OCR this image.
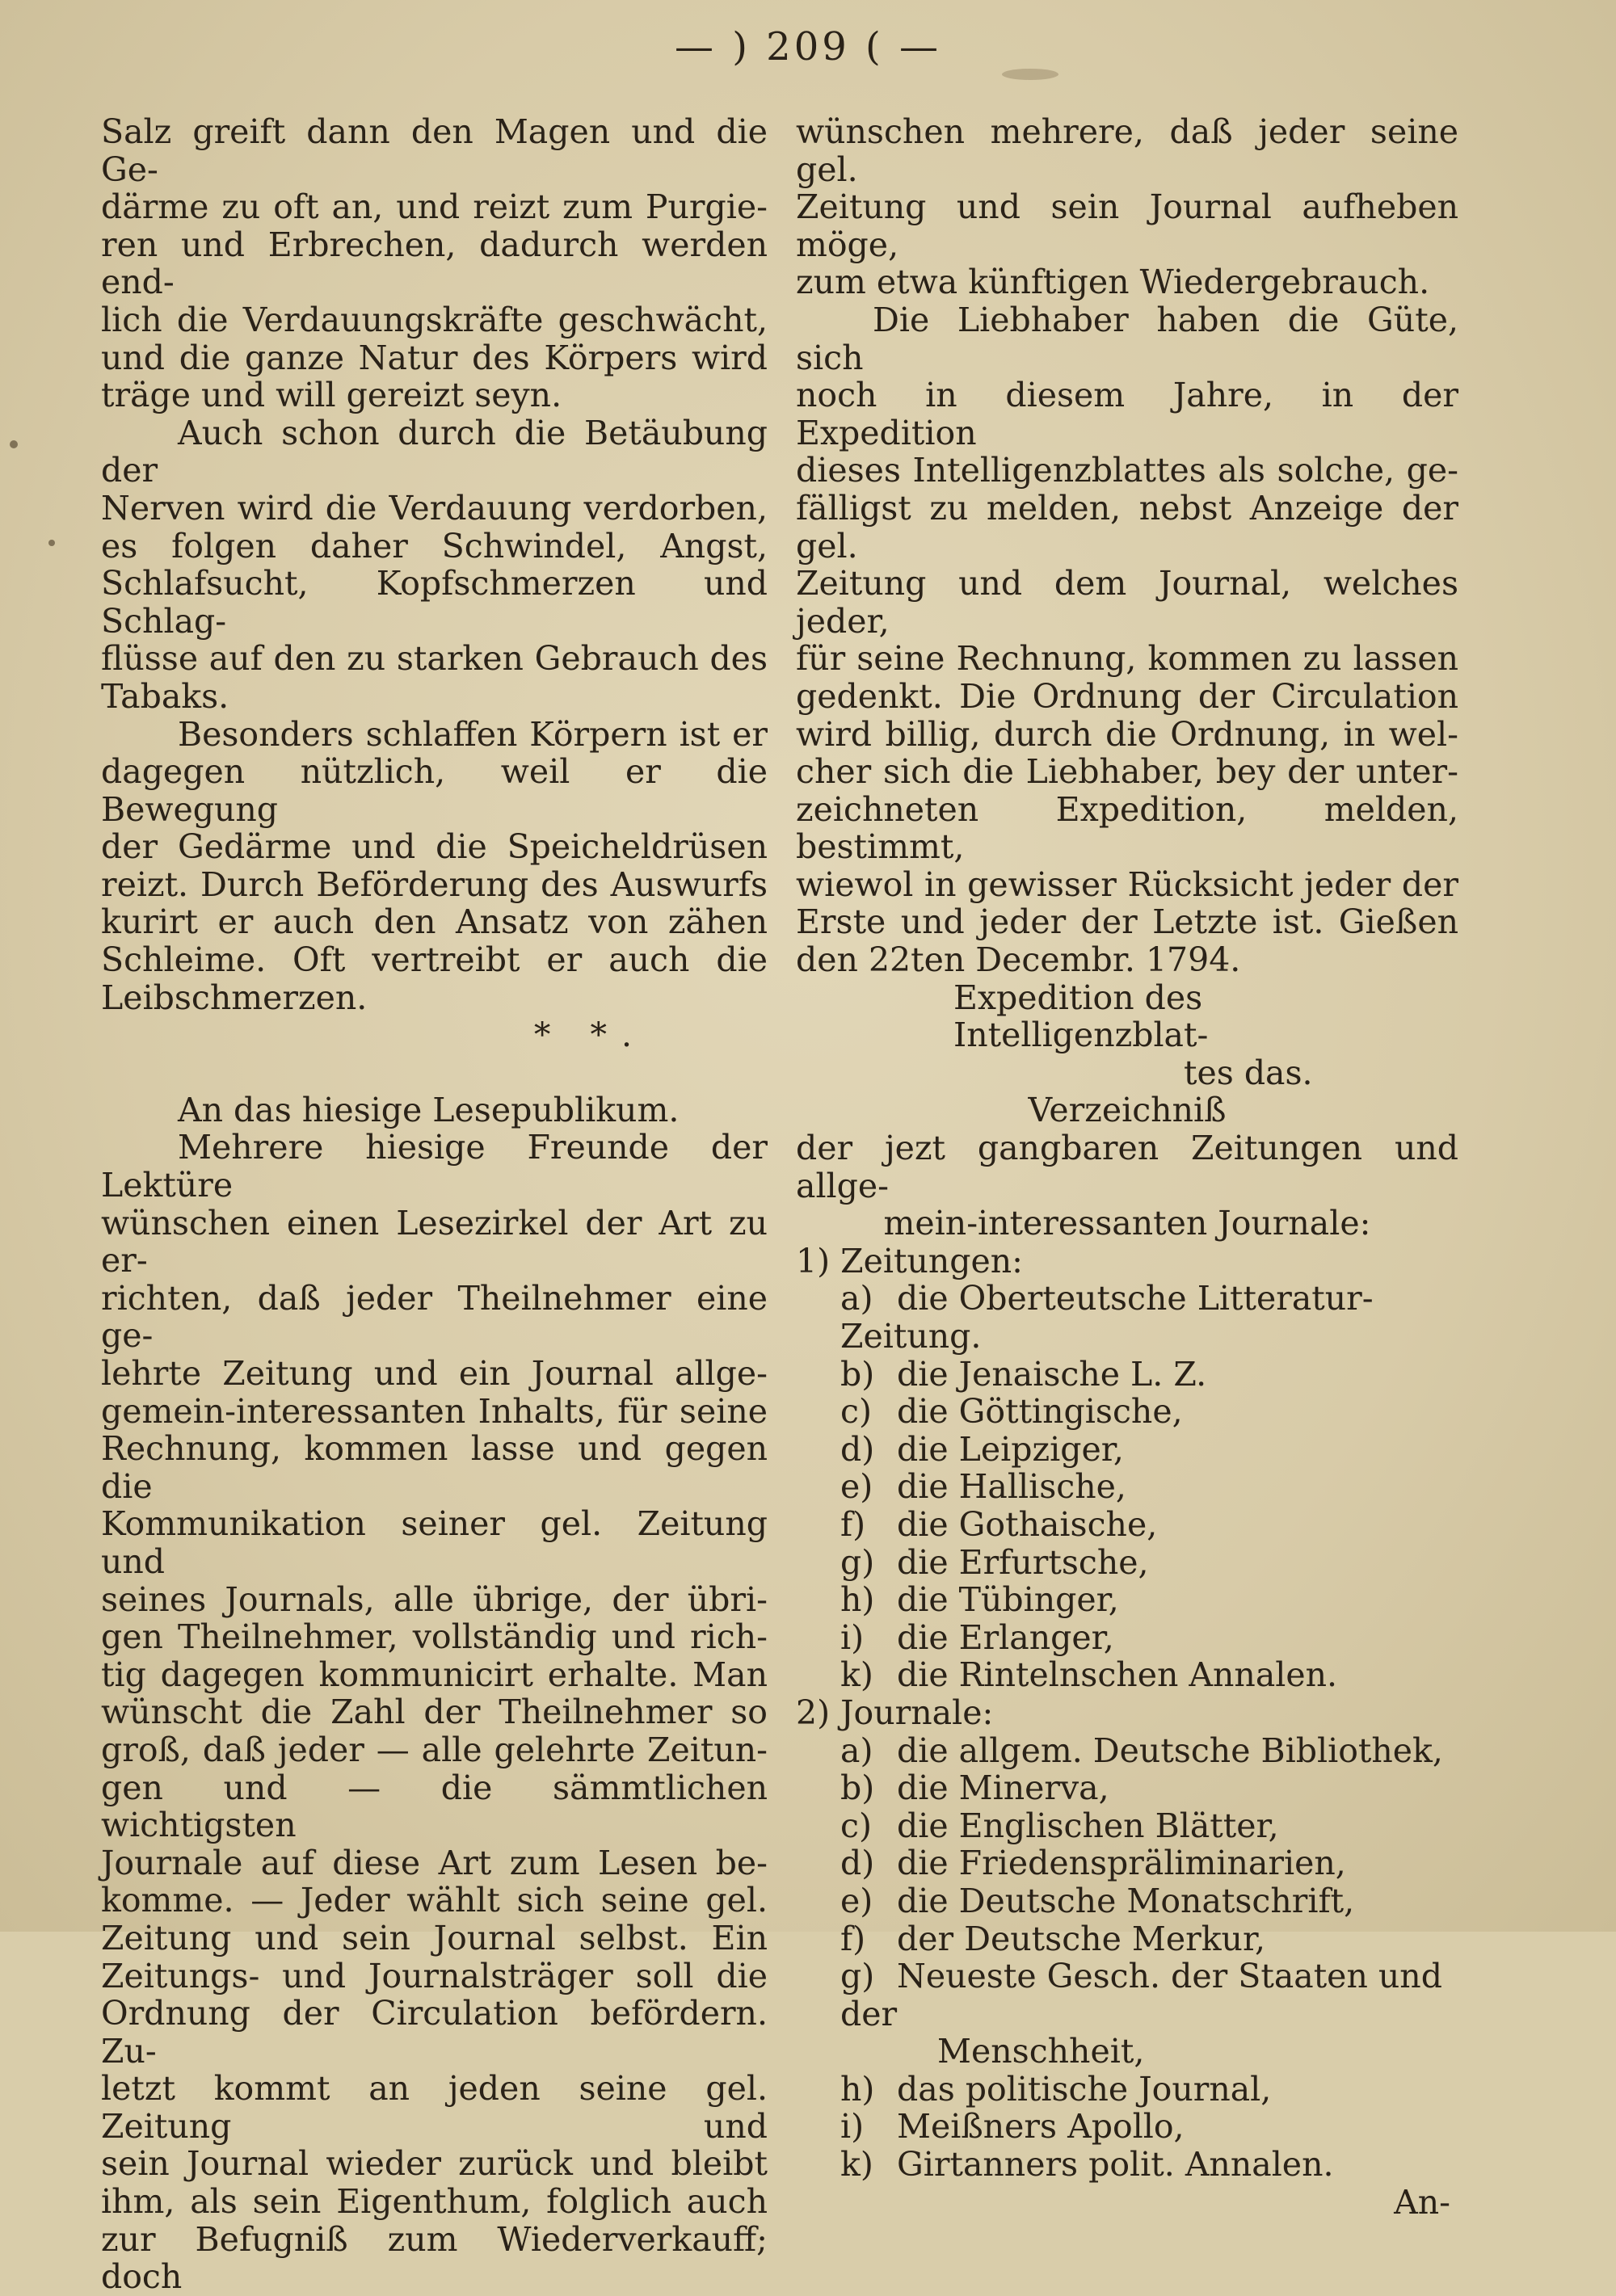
— ) 209 ( —

Salz greift dann den Magen und die Ge-

därme zu oft an, und reizt zum Purgie-

ren und Erbrechen, dadurch werden end-

lich die Verdauungskräfte geschwächt,

und die ganze Natur des Körpers wird

träge und will gereizt seyn.

Auch schon durch die Betäubung der

Nerven wird die Verdauung verdorben,

es folgen daher Schwindel, Angst,

Schlafsucht, Kopfschmerzen und Schlag-

flüsse auf den zu starken Gebrauch des

Tabaks.

Besonders schlaffen Körpern ist er

dagegen nützlich, weil er die Bewegung

der Gedärme und die Speicheldrüsen

reizt. Durch Beförderung des Auswurfs

kurirt er auch den Ansatz von zähen

Schleime. Oft vertreibt er auch die

Leibschmerzen.

* *.

An das hiesige Lesepublikum.

Mehrere hiesige Freunde der Lektüre

wünschen einen Lesezirkel der Art zu er-

richten, daß jeder Theilnehmer eine ge-

lehrte Zeitung und ein Journal allge-

gemein-interessanten Inhalts, für seine

Rechnung, kommen lasse und gegen die

Kommunikation seiner gel. Zeitung und

seines Journals, alle übrige, der übri-

gen Theilnehmer, vollständig und rich-

tig dagegen kommunicirt erhalte. Man

wünscht die Zahl der Theilnehmer so

groß, daß jeder — alle gelehrte Zeitun-

gen und — die sämmtlichen wichtigsten

Journale auf diese Art zum Lesen be-

komme. — Jeder wählt sich seine gel.

Zeitung und sein Journal selbst. Ein

Zeitungs- und Journalsträger soll die

Ordnung der Circulation befördern. Zu-

letzt kommt an jeden seine gel. Zeitung und

sein Journal wieder zurück und bleibt

ihm, als sein Eigenthum, folglich auch

zur Befugniß zum Wiederverkauff; doch

wünschen mehrere, daß jeder seine gel.

Zeitung und sein Journal aufheben möge,

zum etwa künftigen Wiedergebrauch.

Die Liebhaber haben die Güte, sich

noch in diesem Jahre, in der Expedition

dieses Intelligenzblattes als solche, ge-

fälligst zu melden, nebst Anzeige der gel.

Zeitung und dem Journal, welches jeder,

für seine Rechnung, kommen zu lassen

gedenkt. Die Ordnung der Circulation

wird billig, durch die Ordnung, in wel-

cher sich die Liebhaber, bey der unter-

zeichneten Expedition, melden, bestimmt,

wiewol in gewisser Rücksicht jeder der

Erste und jeder der Letzte ist. Gießen

den 22ten Decembr. 1794.

Expedition des Intelligenzblat-

tes das.

Verzeichniß

der jezt gangbaren Zeitungen und allge-

mein-interessanten Journale:

1) Zeitungen:

a) die Oberteutsche Litteratur-Zeitung.

b) die Jenaische L. Z.

c) die Göttingische,

d) die Leipziger,

e) die Hallische,

f) die Gothaische,

g) die Erfurtsche,

h) die Tübinger,

i) die Erlanger,

k) die Rintelnschen Annalen.

2) Journale:

a) die allgem. Deutsche Bibliothek,

b) die Minerva,

c) die Englischen Blätter,

d) die Friedenspräliminarien,

e) die Deutsche Monatschrift,

f) der Deutsche Merkur,

g) Neueste Gesch. der Staaten und der

Menschheit,

h) das politische Journal,

i) Meißners Apollo,

k) Girtanners polit. Annalen.

An-
